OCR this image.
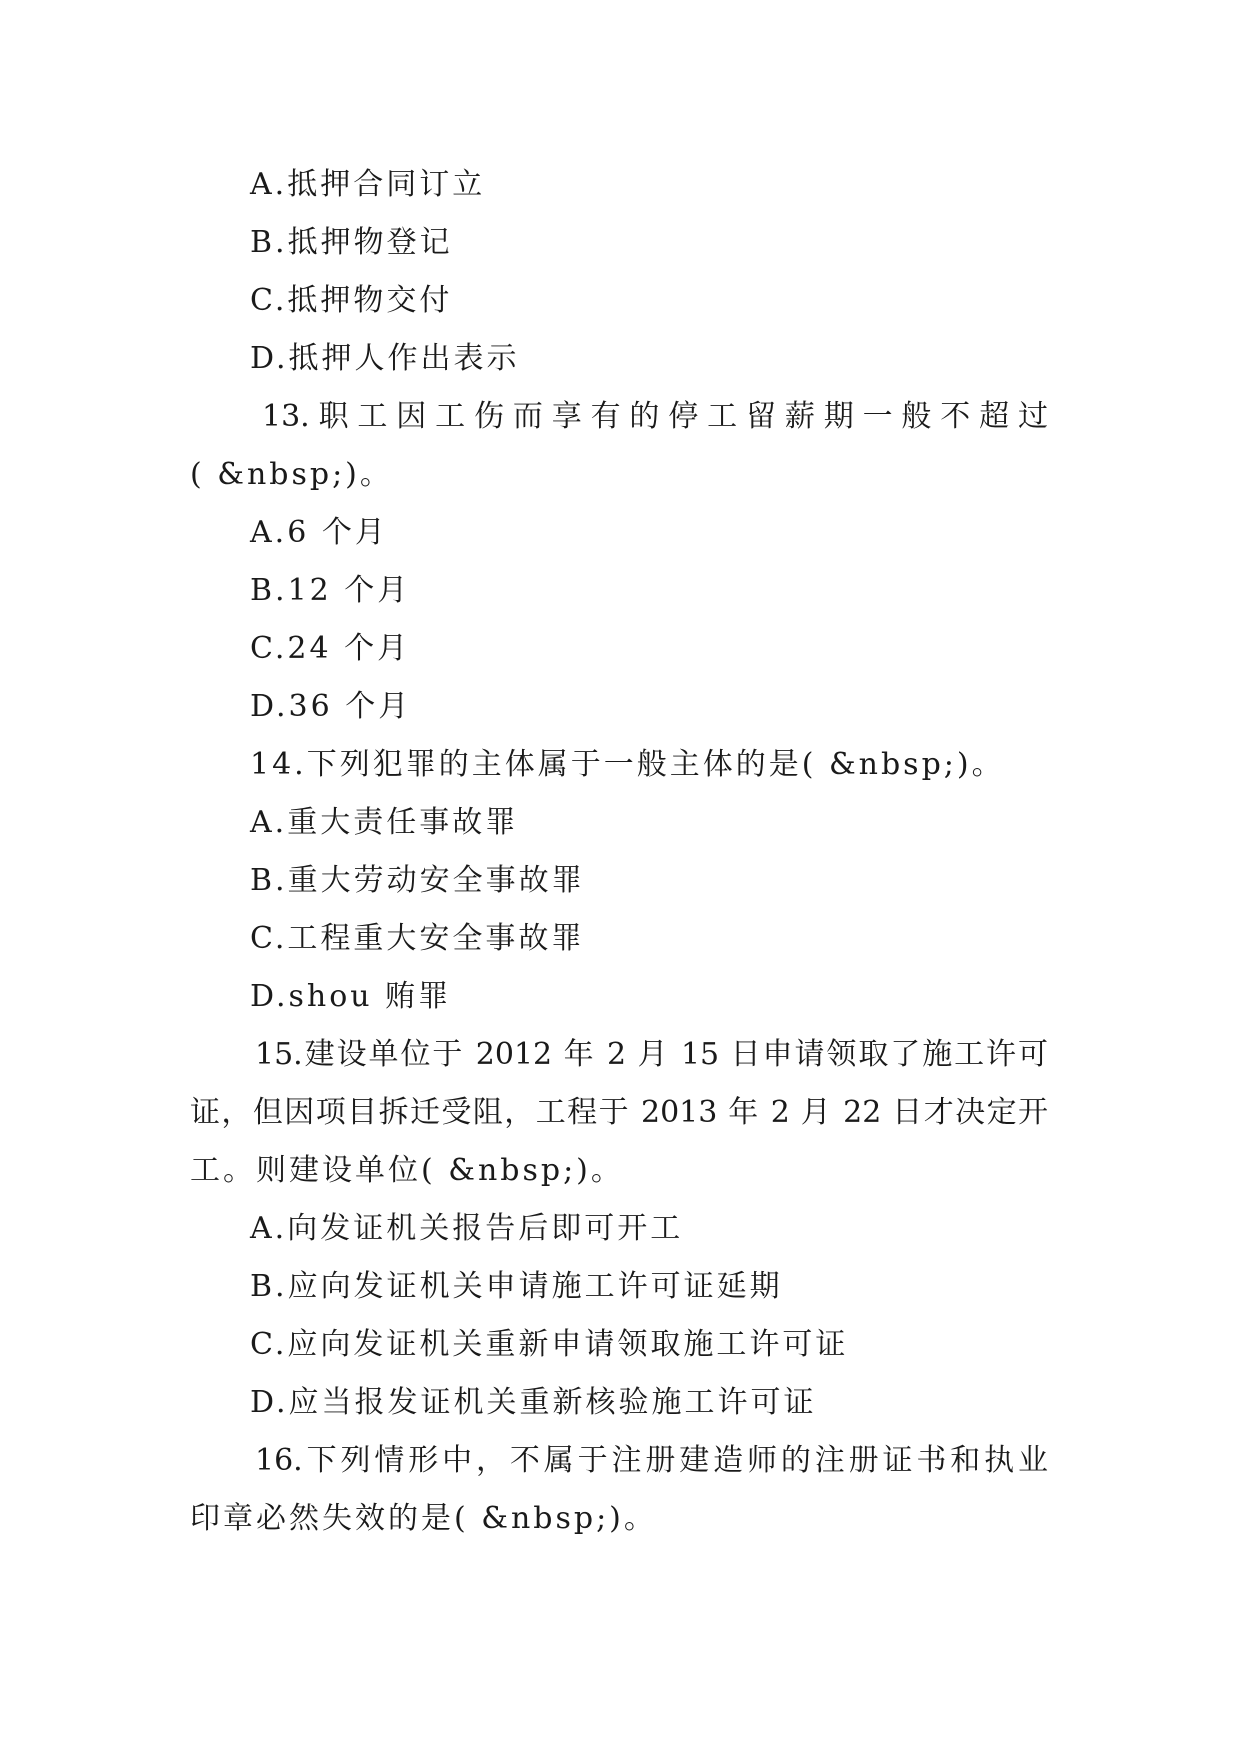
A.抵押合同订立
B.抵押物登记
C.抵押物交付
D.抵押人作出表示
13.职工因工伤而享有的停工留薪期一般不超过
( &nbsp;)。
A.6 个月
B.12 个月
C.24 个月
D.36 个月
14.下列犯罪的主体属于一般主体的是( &nbsp;)。
A.重大责任事故罪
B.重大劳动安全事故罪
C.工程重大安全事故罪
D.shou 贿罪
15.建设单位于 2012 年 2 月 15 日申请领取了施工许可
证，但因项目拆迁受阻，工程于 2013 年 2 月 22 日才决定开
工。则建设单位( &nbsp;)。
A.向发证机关报告后即可开工
B.应向发证机关申请施工许可证延期
C.应向发证机关重新申请领取施工许可证
D.应当报发证机关重新核验施工许可证
16.下列情形中，不属于注册建造师的注册证书和执业
印章必然失效的是( &nbsp;)。
